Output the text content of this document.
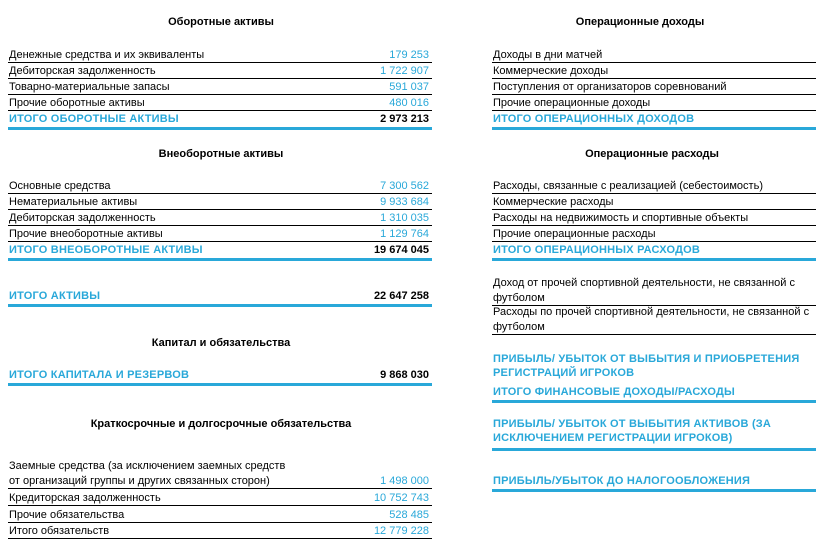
Оборотные активы
Денежные средства и их эквиваленты	179 253
Дебиторская задолженность	1 722 907
Товарно-материальные запасы	591 037
Прочие оборотные активы	480 016
ИТОГО ОБОРОТНЫЕ АКТИВЫ	2 973 213
Внеоборотные активы
Основные средства	7 300 562
Нематериальные активы	9 933 684
Дебиторская задолженность	1 310 035
Прочие внеоборотные активы	1 129 764
ИТОГО ВНЕОБОРОТНЫЕ АКТИВЫ	19 674 045
ИТОГО АКТИВЫ	22 647 258
Капитал и обязательства
ИТОГО КАПИТАЛА И РЕЗЕРВОВ	9 868 030
Краткосрочные и долгосрочные обязательства
Заемные средства (за исключением заемных средств
от организаций группы и других связанных сторон)	1 498 000
Кредиторская задолженность	10 752 743
Прочие обязательства	528 485
Итого обязательств	12 779 228
Операционные доходы
Доходы в дни матчей
Коммерческие доходы
Поступления от организаторов соревнований
Прочие операционные доходы
ИТОГО ОПЕРАЦИОННЫХ ДОХОДОВ
Операционные расходы
Расходы, связанные с реализацией (себестоимость)
Коммерческие расходы
Расходы на недвижимость и спортивные объекты
Прочие операционные расходы
ИТОГО ОПЕРАЦИОННЫХ РАСХОДОВ
Доход от прочей спортивной деятельности, не связанной с
футболом
Расходы по прочей спортивной деятельности, не связанной с
футболом
ПРИБЫЛЬ/ УБЫТОК ОТ ВЫБЫТИЯ И ПРИОБРЕТЕНИЯ
РЕГИСТРАЦИЙ ИГРОКОВ
ИТОГО ФИНАНСОВЫЕ ДОХОДЫ/РАСХОДЫ
ПРИБЫЛЬ/ УБЫТОК ОТ ВЫБЫТИЯ АКТИВОВ (ЗА
ИСКЛЮЧЕНИЕМ РЕГИСТРАЦИИ ИГРОКОВ)
ПРИБЫЛЬ/УБЫТОК ДО НАЛОГООБЛОЖЕНИЯ
